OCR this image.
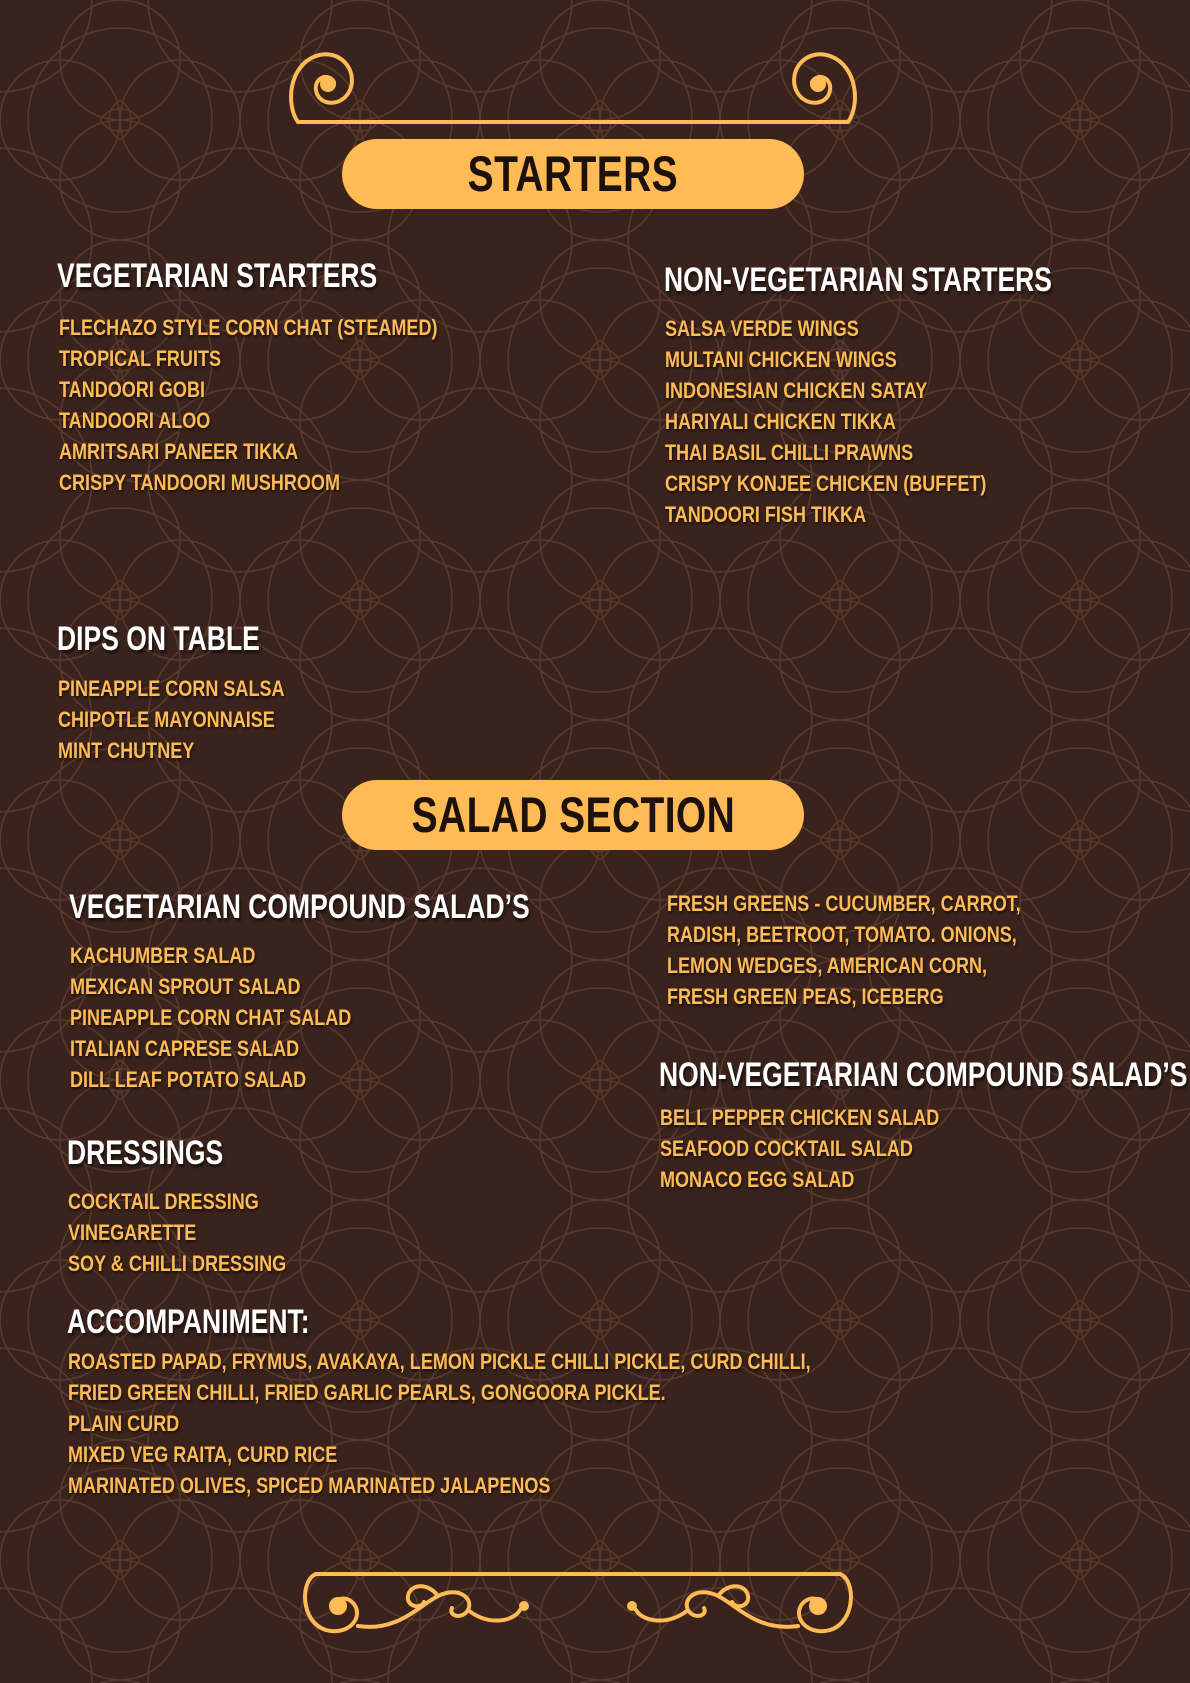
STARTERS
VEGETARIAN STARTERS
FLECHAZO STYLE CORN CHAT (STEAMED)
TROPICAL FRUITS
TANDOORI GOBI
TANDOORI ALOO
AMRITSARI PANEER TIKKA
CRISPY TANDOORI MUSHROOM
NON-VEGETARIAN STARTERS
SALSA VERDE WINGS
MULTANI CHICKEN WINGS
INDONESIAN CHICKEN SATAY
HARIYALI CHICKEN TIKKA
THAI BASIL CHILLI PRAWNS
CRISPY KONJEE CHICKEN (BUFFET)
TANDOORI FISH TIKKA
DIPS ON TABLE
PINEAPPLE CORN SALSA
CHIPOTLE MAYONNAISE
MINT CHUTNEY
SALAD SECTION
VEGETARIAN COMPOUND SALAD’S
KACHUMBER SALAD
MEXICAN SPROUT SALAD
PINEAPPLE CORN CHAT SALAD
ITALIAN CAPRESE SALAD
DILL LEAF POTATO SALAD
FRESH GREENS - CUCUMBER, CARROT,
RADISH, BEETROOT, TOMATO. ONIONS,
LEMON WEDGES, AMERICAN CORN,
FRESH GREEN PEAS, ICEBERG
NON-VEGETARIAN COMPOUND SALAD’S
BELL PEPPER CHICKEN SALAD
SEAFOOD COCKTAIL SALAD
MONACO EGG SALAD
DRESSINGS
COCKTAIL DRESSING
VINEGARETTE
SOY & CHILLI DRESSING
ACCOMPANIMENT:
ROASTED PAPAD, FRYMUS, AVAKAYA, LEMON PICKLE CHILLI PICKLE, CURD CHILLI,
FRIED GREEN CHILLI, FRIED GARLIC PEARLS, GONGOORA PICKLE.
PLAIN CURD
MIXED VEG RAITA, CURD RICE
MARINATED OLIVES, SPICED MARINATED JALAPENOS
